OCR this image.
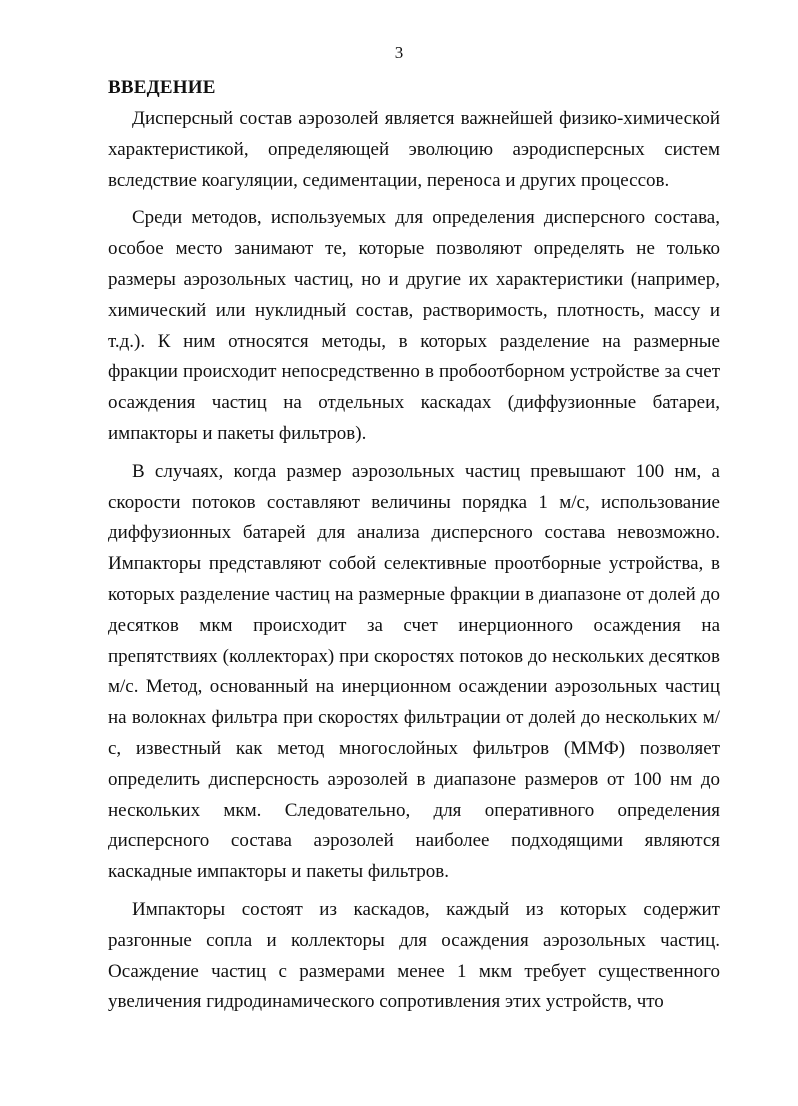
3
ВВЕДЕНИЕ

Дисперсный состав аэрозолей является важнейшей физико-химической характеристикой, определяющей эволюцию аэродисперсных систем вследствие коагуляции, седиментации, переноса и других процессов.

Среди методов, используемых для определения дисперсного состава, особое место занимают те, которые позволяют определять не только размеры аэрозольных частиц, но и другие их характеристики (например, химический или нуклидный состав, растворимость, плотность, массу и т.д.). К ним относятся методы, в которых разделение на размерные фракции происходит непосредственно в пробоотборном устройстве за счет осаждения частиц на отдельных каскадах (диффузионные батареи, импакторы и пакеты фильтров).

В случаях, когда размер аэрозольных частиц превышают 100 нм, а скорости потоков составляют величины порядка 1 м/с, использование диффузионных батарей для анализа дисперсного состава невозможно. Импакторы представляют собой селективные проотборные устройства, в которых разделение частиц на размерные фракции в диапазоне от долей до десятков мкм происходит за счет инерционного осаждения на препятствиях (коллекторах) при скоростях потоков до нескольких десятков м/с. Метод, основанный на инерционном осаждении аэрозольных частиц на волокнах фильтра при скоростях фильтрации от долей до нескольких м/с, известный как метод многослойных фильтров (ММФ) позволяет определить дисперсность аэрозолей в диапазоне размеров от 100 нм до нескольких мкм. Следовательно, для оперативного определения дисперсного состава аэрозолей наиболее подходящими являются каскадные импакторы и пакеты фильтров.

Импакторы состоят из каскадов, каждый из которых содержит разгонные сопла и коллекторы для осаждения аэрозольных частиц. Осаждение частиц с размерами менее 1 мкм требует существенного увеличения гидродинамического сопротивления этих устройств, что
